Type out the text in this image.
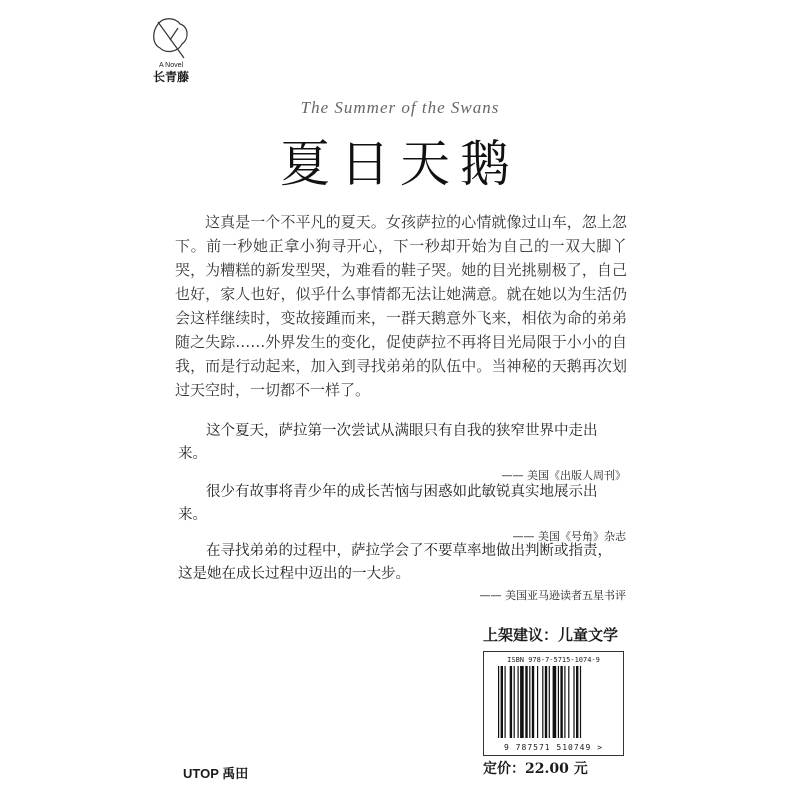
A Novel
长青藤
The Summer of the Swans
夏日天鹅
这真是一个不平凡的夏天。女孩萨拉的心情就像过山车，忽上忽下。前一秒她正拿小狗寻开心，下一秒却开始为自己的一双大脚丫哭，为糟糕的新发型哭，为难看的鞋子哭。她的目光挑剔极了，自己也好，家人也好，似乎什么事情都无法让她满意。就在她以为生活仍会这样继续时，变故接踵而来，一群天鹅意外飞来，相依为命的弟弟随之失踪……外界发生的变化，促使萨拉不再将目光局限于小小的自我，而是行动起来，加入到寻找弟弟的队伍中。当神秘的天鹅再次划过天空时，一切都不一样了。

这个夏天，萨拉第一次尝试从满眼只有自我的狭窄世界中走出来。

—— 美国《出版人周刊》

很少有故事将青少年的成长苦恼与困惑如此敏锐真实地展示出来。

—— 美国《号角》杂志

在寻找弟弟的过程中，萨拉学会了不要草率地做出判断或指责，这是她在成长过程中迈出的一大步。

—— 美国亚马逊读者五星书评
上架建议：儿童文学
ISBN 978-7-5715-1074-9
9 787571 510749 >
定价：22.00 元
UTOP 禹田
